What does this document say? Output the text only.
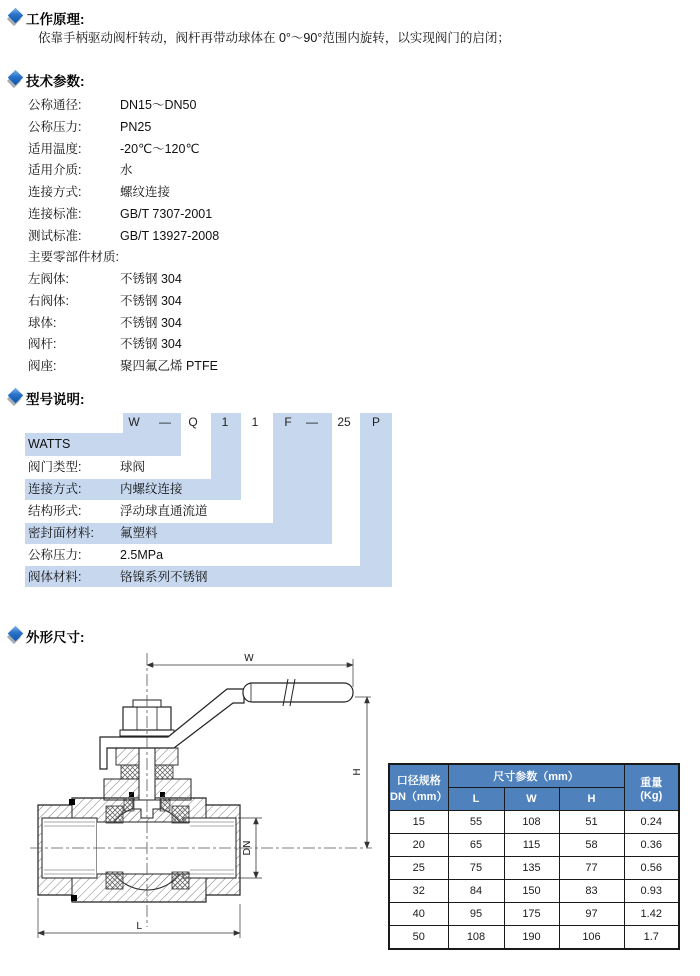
工作原理:
依靠手柄驱动阀杆转动，阀杆再带动球体在 0°～90°范围内旋转，以实现阀门的启闭；
技术参数:
公称通径:	DN15～DN50
公称压力:	PN25
适用温度:	-20℃～120℃
适用介质:	水
连接方式:	螺纹连接
连接标准:	GB/T 7307-2001
测试标准:	GB/T 13927-2008
主要零部件材质:
左阀体:	不锈钢 304
右阀体:	不锈钢 304
球体:	不锈钢 304
阀杆:	不锈钢 304
阀座:	聚四氟乙烯 PTFE
型号说明:
W	—	Q	1	1	F	—	25	P
WATTS
阀门类型:	球阀
连接方式:	内螺纹连接
结构形式:	浮动球直通流道
密封面材料: 氟塑料
公称压力:	2.5MPa
阀体材料:	铬镍系列不锈钢
外形尺寸:
W
H
L
DN
口径规格
DN（mm）
	尺寸参数（mm）	重量
(Kg)

	L	W	H	
15	55	108	51	0.24
20	65	115	58	0.36
25	75	135	77	0.56
32	84	150	83	0.93
40	95	175	97	1.42
50	108	190	106	1.7
